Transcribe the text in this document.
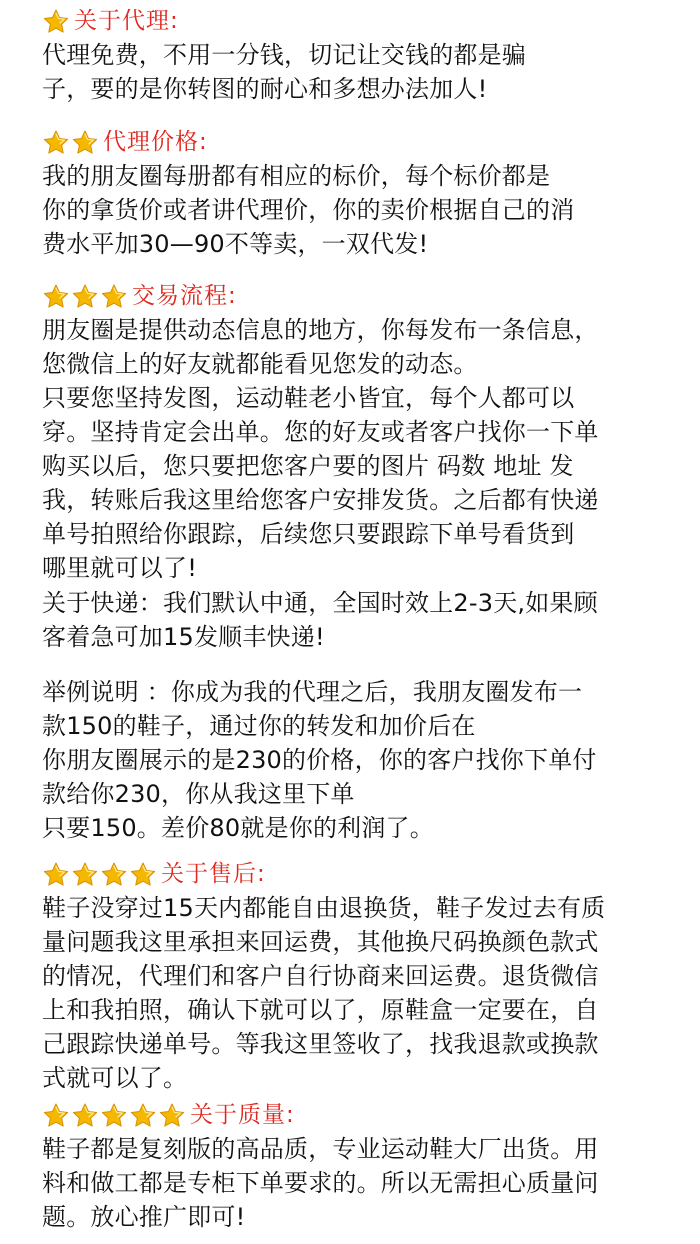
关于代理:
代理免费，不用一分钱，切记让交钱的都是骗
子，要的是你转图的耐心和多想办法加人!
代理价格:
我的朋友圈每册都有相应的标价，每个标价都是
你的拿货价或者讲代理价，你的卖价根据自己的消
费水平加30—90不等卖，一双代发!
交易流程:
朋友圈是提供动态信息的地方，你每发布一条信息，
您微信上的好友就都能看见您发的动态。
只要您坚持发图，运动鞋老小皆宜，每个人都可以
穿。坚持肯定会出单。您的好友或者客户找你一下单
购买以后，您只要把您客户要的图片 码数 地址 发
我，转账后我这里给您客户安排发货。之后都有快递
单号拍照给你跟踪，后续您只要跟踪下单号看货到
哪里就可以了!
关于快递：我们默认中通，全国时效上2-3天,如果顾
客着急可加15发顺丰快递!
举例说明 ：你成为我的代理之后，我朋友圈发布一
款150的鞋子，通过你的转发和加价后在
你朋友圈展示的是230的价格，你的客户找你下单付
款给你230，你从我这里下单
只要150。差价80就是你的利润了。
关于售后:
鞋子没穿过15天内都能自由退换货，鞋子发过去有质
量问题我这里承担来回运费，其他换尺码换颜色款式
的情况，代理们和客户自行协商来回运费。退货微信
上和我拍照，确认下就可以了，原鞋盒一定要在，自
己跟踪快递单号。等我这里签收了，找我退款或换款
式就可以了。
关于质量:
鞋子都是复刻版的高品质，专业运动鞋大厂出货。用
料和做工都是专柜下单要求的。所以无需担心质量问
题。放心推广即可!
